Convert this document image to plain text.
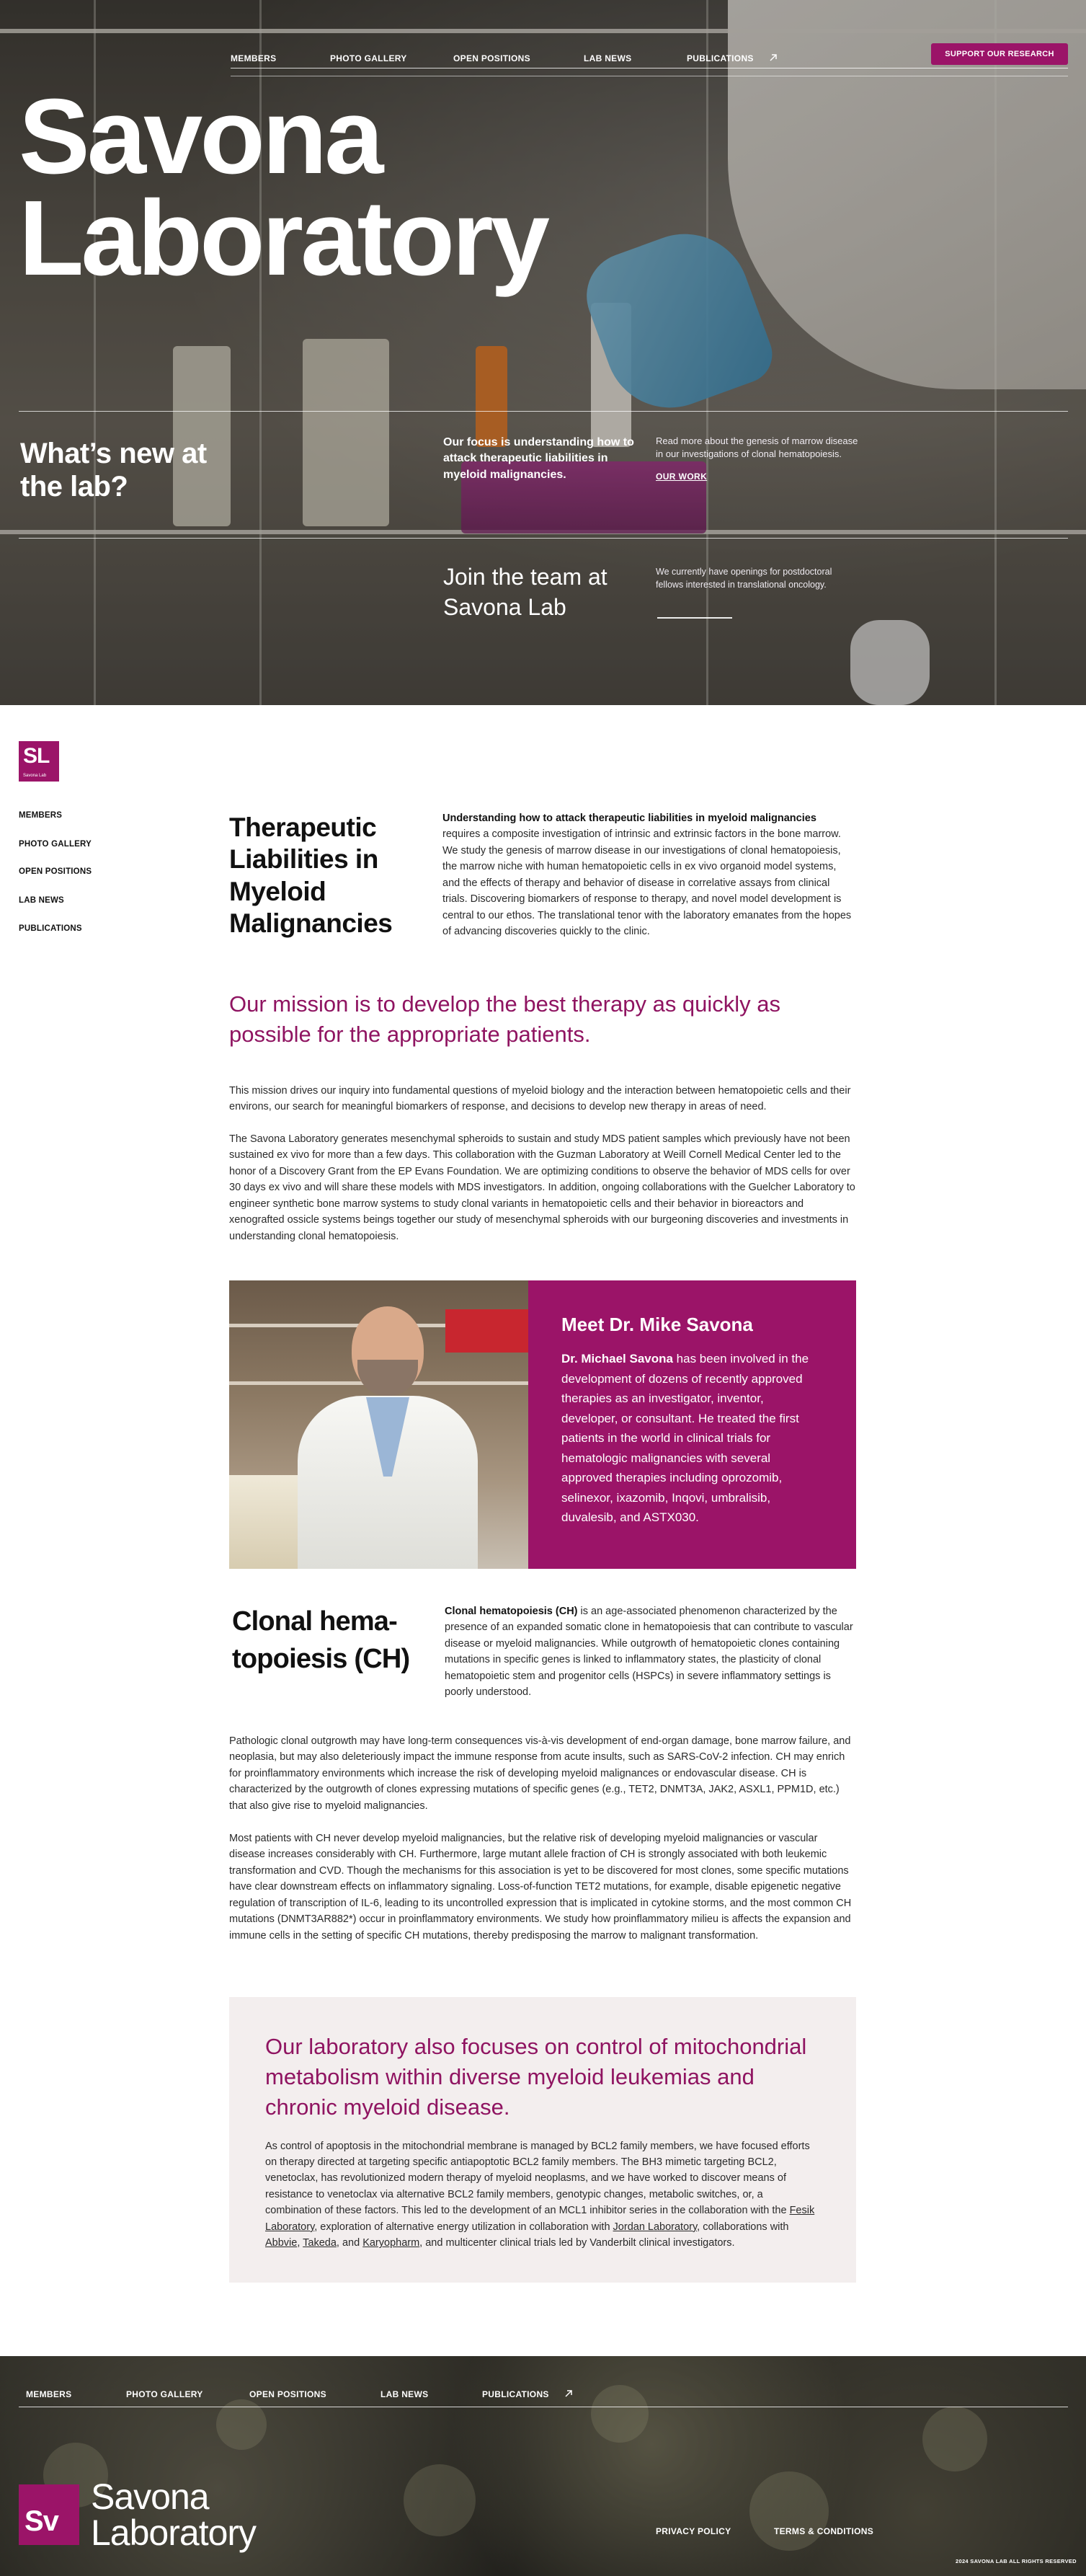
MEMBERS	PHOTO GALLERY	OPEN POSITIONS	LAB NEWS	PUBLICATIONS	SUPPORT OUR RESEARCH
Savona
Laboratory
What’s new at the lab?
Our focus is understanding how to attack therapeutic liabilities in myeloid malignancies.
Read more about the genesis of marrow disease in our investigations of clonal hematopoiesis.
OUR WORK
Join the team at Savona Lab
We currently have openings for postdoctoral fellows interested in translational oncology.
SL
Savona Lab
MEMBERS
PHOTO GALLERY
OPEN POSITIONS
LAB NEWS
PUBLICATIONS
Therapeutic Liabilities in Myeloid Malignancies

Understanding how to attack therapeutic liabilities in myeloid malignancies requires a composite investigation of intrinsic and extrinsic factors in the bone marrow. We study the genesis of marrow disease in our investigations of clonal hematopoiesis, the marrow niche with human hematopoietic cells in ex vivo organoid model systems, and the effects of therapy and behavior of disease in correlative assays from clinical trials. Discovering biomarkers of response to therapy, and novel model development is central to our ethos. The translational tenor with the laboratory emanates from the hopes of advancing discoveries quickly to the clinic.

Our mission is to develop the best therapy as quickly as possible for the appropriate patients.

This mission drives our inquiry into fundamental questions of myeloid biology and the interaction between hematopoietic cells and their environs, our search for meaningful biomarkers of response, and decisions to develop new therapy in areas of need.

The Savona Laboratory generates mesenchymal spheroids to sustain and study MDS patient samples which previously have not been sustained ex vivo for more than a few days. This collaboration with the Guzman Laboratory at Weill Cornell Medical Center led to the honor of a Discovery Grant from the EP Evans Foundation. We are optimizing conditions to observe the behavior of MDS cells for over 30 days ex vivo and will share these models with MDS investigators. In addition, ongoing collaborations with the Guelcher Laboratory to engineer synthetic bone marrow systems to study clonal variants in hematopoietic cells and their behavior in bioreactors and xenografted ossicle systems beings together our study of mesenchymal spheroids with our burgeoning discoveries and investments in understanding clonal hematopoiesis.

Meet Dr. Mike Savona

Dr. Michael Savona has been involved in the development of dozens of recently approved therapies as an investigator, inventor, developer, or consultant. He treated the first patients in the world in clinical trials for hematologic malignancies with several approved therapies including oprozomib, selinexor, ixazomib, Inqovi, umbralisib, duvalesib, and ASTX030.

Clonal hema-
topoiesis (CH)

Clonal hematopoiesis (CH) is an age-associated phenomenon characterized by the presence of an expanded somatic clone in hematopoiesis that can contribute to vascular disease or myeloid malignancies. While outgrowth of hematopoietic clones containing mutations in specific genes is linked to inflammatory states, the plasticity of clonal hematopoietic stem and progenitor cells (HSPCs) in severe inflammatory settings is poorly understood.

Pathologic clonal outgrowth may have long-term consequences vis-à-vis development of end-organ damage, bone marrow failure, and neoplasia, but may also deleteriously impact the immune response from acute insults, such as SARS-CoV-2 infection. CH may enrich for proinflammatory environments which increase the risk of developing myeloid malignances or endovascular disease. CH is characterized by the outgrowth of clones expressing mutations of specific genes (e.g., TET2, DNMT3A, JAK2, ASXL1, PPM1D, etc.) that also give rise to myeloid malignancies.

Most patients with CH never develop myeloid malignancies, but the relative risk of developing myeloid malignancies or vascular disease increases considerably with CH. Furthermore, large mutant allele fraction of CH is strongly associated with both leukemic transformation and CVD. Though the mechanisms for this association is yet to be discovered for most clones, some specific mutations have clear downstream effects on inflammatory signaling. Loss-of-function TET2 mutations, for example, disable epigenetic negative regulation of transcription of IL-6, leading to its uncontrolled expression that is implicated in cytokine storms, and the most common CH mutations (DNMT3AR882*) occur in proinflammatory environments. We study how proinflammatory milieu is affects the expansion and immune cells in the setting of specific CH mutations, thereby predisposing the marrow to malignant transformation.

Our laboratory also focuses on control of mitochondrial metabolism within diverse myeloid leukemias and chronic myeloid disease.

As control of apoptosis in the mitochondrial membrane is managed by BCL2 family members, we have focused efforts on therapy directed at targeting specific antiapoptotic BCL2 family members. The BH3 mimetic targeting BCL2, venetoclax, has revolutionized modern therapy of myeloid neoplasms, and we have worked to discover means of resistance to venetoclax via alternative BCL2 family members, genotypic changes, metabolic switches, or, a combination of these factors. This led to the development of an MCL1 inhibitor series in the collaboration with the Fesik Laboratory, exploration of alternative energy utilization in collaboration with Jordan Laboratory, collaborations with Abbvie, Takeda, and Karyopharm, and multicenter clinical trials led by Vanderbilt clinical investigators.

MEMBERS	PHOTO GALLERY	OPEN POSITIONS	LAB NEWS	PUBLICATIONS
Sv
Savona
Laboratory	PRIVACY POLICY	TERMS & CONDITIONS
2024 SAVONA LAB ALL RIGHTS RESERVED
